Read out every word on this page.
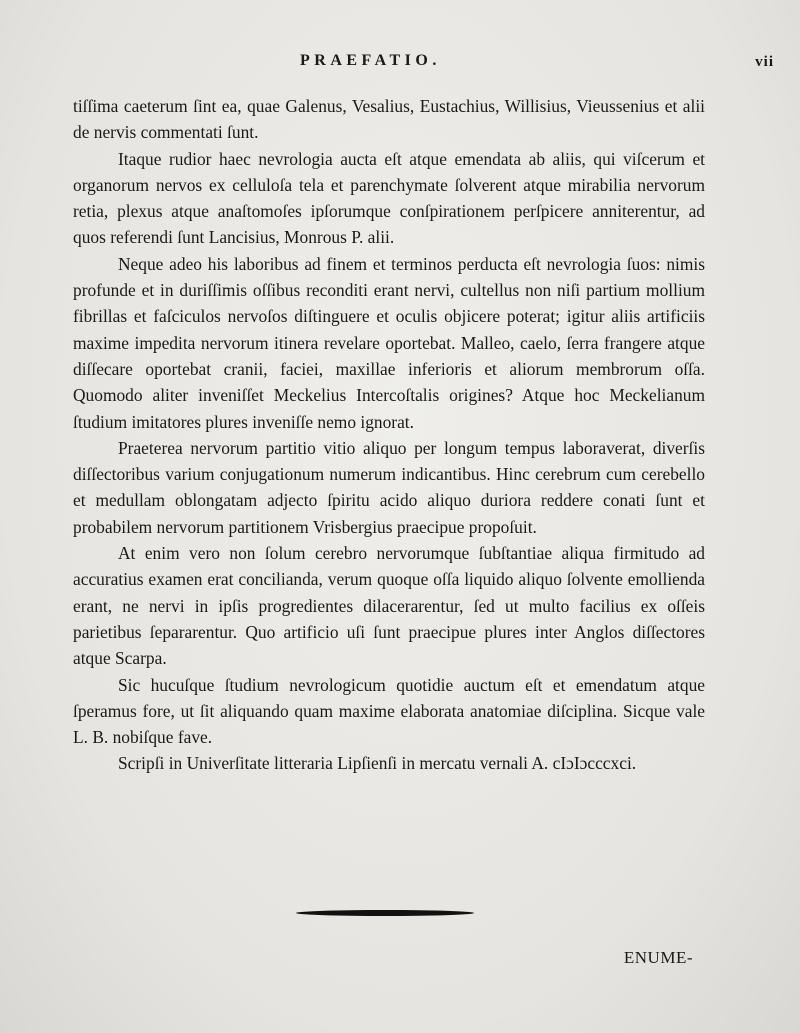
PRAEFATIO.	vii

tiſſima caeterum ſint ea, quae Galenus, Vesalius, Eustachius, Willisius, Vieussenius et alii de nervis commentati ſunt.

Itaque rudior haec nevrologia aucta eſt atque emendata ab aliis, qui viſcerum et organorum nervos ex celluloſa tela et parenchymate ſolverent atque mirabilia nervorum retia, plexus atque anaſtomoſes ipſorumque conſpirationem perſpicere anniterentur, ad quos referendi ſunt Lancisius, Monrous P. alii.

Neque adeo his laboribus ad finem et terminos perducta eſt nevrologia ſuos: nimis profunde et in duriſſimis oſſibus reconditi erant nervi, cultellus non niſi partium mollium fibrillas et faſciculos nervoſos diſtinguere et oculis objicere poterat; igitur aliis artificiis maxime impedita nervorum itinera revelare oportebat. Malleo, caelo, ſerra frangere atque diſſecare oportebat cranii, faciei, maxillae inferioris et aliorum membrorum oſſa. Quomodo aliter inveniſſet Meckelius Intercoſtalis origines? Atque hoc Meckelianum ſtudium imitatores plures inveniſſe nemo ignorat.

Praeterea nervorum partitio vitio aliquo per longum tempus laboraverat, diverſis diſſectoribus varium conjugationum numerum indicantibus. Hinc cerebrum cum cerebello et medullam oblongatam adjecto ſpiritu acido aliquo duriora reddere conati ſunt et probabilem nervorum partitionem Vrisbergius praecipue propoſuit.

At enim vero non ſolum cerebro nervorumque ſubſtantiae aliqua firmitudo ad accuratius examen erat concilianda, verum quoque oſſa liquido aliquo ſolvente emollienda erant, ne nervi in ipſis progredientes dilacerarentur, ſed ut multo facilius ex oſſeis parietibus ſepararentur. Quo artificio uſi ſunt praecipue plures inter Anglos diſſectores atque Scarpa.

Sic hucuſque ſtudium nevrologicum quotidie auctum eſt et emendatum atque ſperamus fore, ut ſit aliquando quam maxime elaborata anatomiae diſciplina. Sicque vale L. B. nobiſque fave.

Scripſi in Univerſitate litteraria Lipſienſi in mercatu vernali A. cIɔIɔcccxci.

ENUME-
